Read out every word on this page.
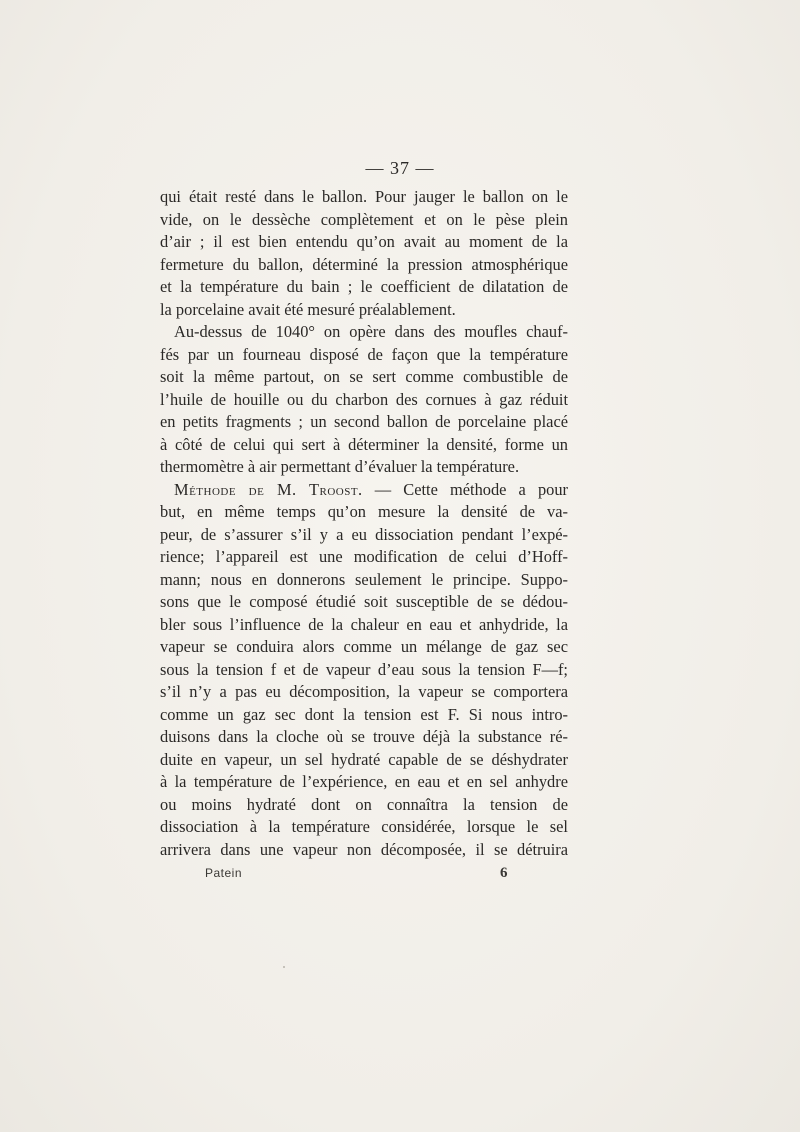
— 37 —
qui était resté dans le ballon. Pour jauger le ballon on le
vide, on le dessèche complètement et on le pèse plein
d’air ; il est bien entendu qu’on avait au moment de la
fermeture du ballon, déterminé la pression atmosphérique
et la température du bain ; le coefficient de dilatation de
la porcelaine avait été mesuré préalablement.
Au-dessus de 1040° on opère dans des moufles chauf-
fés par un fourneau disposé de façon que la température
soit la même partout, on se sert comme combustible de
l’huile de houille ou du charbon des cornues à gaz réduit
en petits fragments ; un second ballon de porcelaine placé
à côté de celui qui sert à déterminer la densité, forme un
thermomètre à air permettant d’évaluer la température.
Méthode de M. Troost. — Cette méthode a pour
but, en même temps qu’on mesure la densité de va-
peur, de s’assurer s’il y a eu dissociation pendant l’expé-
rience; l’appareil est une modification de celui d’Hoff-
mann; nous en donnerons seulement le principe. Suppo-
sons que le composé étudié soit susceptible de se dédou-
bler sous l’influence de la chaleur en eau et anhydride, la
vapeur se conduira alors comme un mélange de gaz sec
sous la tension f et de vapeur d’eau sous la tension F—f;
s’il n’y a pas eu décomposition, la vapeur se comportera
comme un gaz sec dont la tension est F. Si nous intro-
duisons dans la cloche où se trouve déjà la substance ré-
duite en vapeur, un sel hydraté capable de se déshydrater
à la température de l’expérience, en eau et en sel anhydre
ou moins hydraté dont on connaîtra la tension de
dissociation à la température considérée, lorsque le sel
arrivera dans une vapeur non décomposée, il se détruira
Patein	6
